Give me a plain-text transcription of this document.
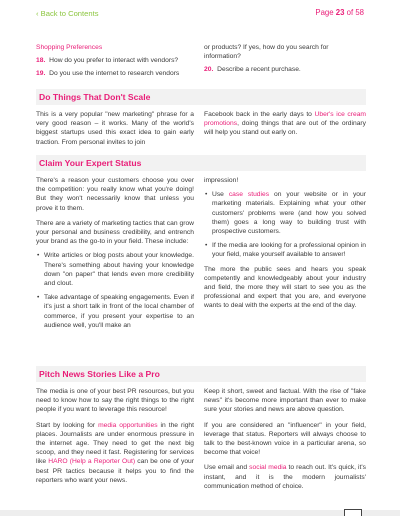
‹ Back to Contents	Page 23 of 58
Shopping Preferences
18. How do you prefer to interact with vendors?
19. Do you use the internet to research vendors
or products? If yes, how do you search for information?
20. Describe a recent purchase.
Do Things That Don't Scale

This is a very popular "new marketing" phrase for a very good reason – it works. Many of the world's biggest startups used this exact idea to gain early traction. From personal invites to join

Facebook back in the early days to Uber's ice cream promotions, doing things that are out of the ordinary will help you stand out early on.

Claim Your Expert Status

There's a reason your customers choose you over the competition: you really know what you're doing! But they won't necessarily know that unless you prove it to them.

There are a variety of marketing tactics that can grow your personal and business credibility, and entrench your brand as the go-to in your field. These include:

• Write articles or blog posts about your knowledge. There's something about having your knowledge down "on paper" that lends even more credibility and clout.
• Take advantage of speaking engagements. Even if it's just a short talk in front of the local chamber of commerce, if you present your expertise to an audience well, you'll make an

impression!

• Use case studies on your website or in your marketing materials. Explaining what your other customers' problems were (and how you solved them) goes a long way to building trust with prospective customers.
• If the media are looking for a professional opinion in your field, make yourself available to answer!

The more the public sees and hears you speak competently and knowledgeably about your industry and field, the more they will start to see you as the professional and expert that you are, and everyone wants to deal with the experts at the end of the day.

Pitch News Stories Like a Pro

The media is one of your best PR resources, but you need to know how to say the right things to the right people if you want to leverage this resource!

Start by looking for media opportunities in the right places. Journalists are under enormous pressure in the internet age. They need to get the next big scoop, and they need it fast. Registering for services like HARO (Help a Reporter Out) can be one of your best PR tactics because it helps you to find the reporters who want your news.

Keep it short, sweet and factual. With the rise of "fake news" it's become more important than ever to make sure your stories and news are above question.

If you are considered an "influencer" in your field, leverage that status. Reporters will always choose to talk to the best-known voice in a particular arena, so become that voice!

Use email and social media to reach out. It's quick, it's instant, and it is the modern journalists' communication method of choice.
